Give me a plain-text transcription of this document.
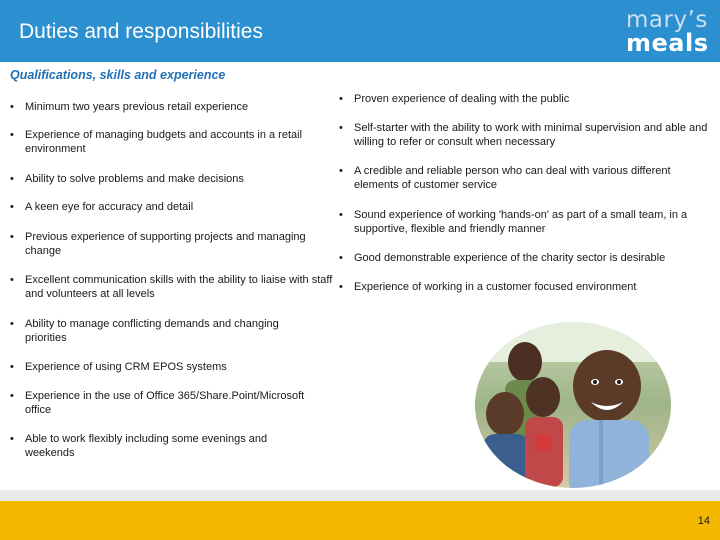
Duties and responsibilities	mary’s
meals
Qualifications, skills and experience
• Minimum two years previous retail experience
• Experience of managing budgets and accounts in a retail environment
• Ability to solve problems and make decisions
• A keen eye for accuracy and detail
• Previous experience of supporting projects and managing change
• Excellent communication skills with the ability to liaise with staff and volunteers at all levels
• Ability to manage conflicting demands and changing priorities
• Experience of using CRM EPOS systems
• Experience in the use of Office 365/Share.Point/Microsoft office
• Able to work flexibly including some evenings and weekends
• Proven experience of dealing with the public
• Self-starter with the ability to work with minimal supervision and able and willing to refer or consult when necessary
• A credible and reliable person who can deal with various different elements of customer service
• Sound experience of working 'hands-on' as part of a small team, in a supportive, flexible and friendly manner
• Good demonstrable experience of the charity sector is desirable
• Experience of working in a customer focused environment
14
